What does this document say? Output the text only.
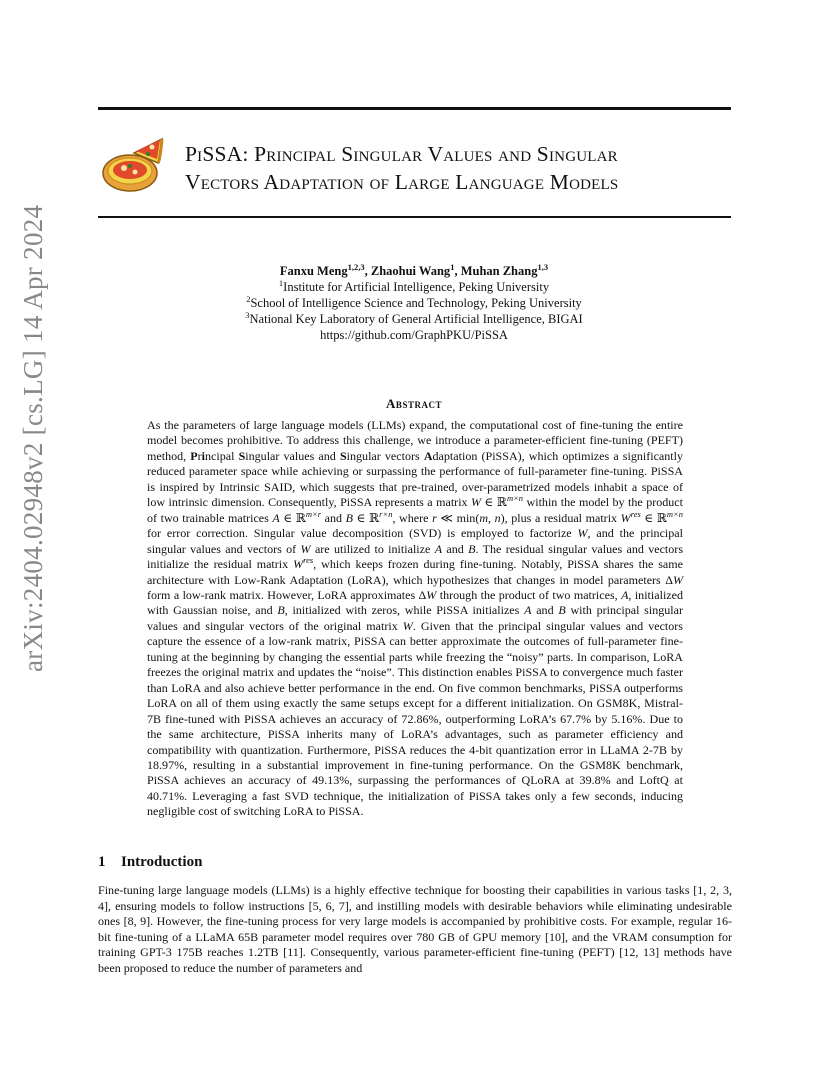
PiSSA: Principal Singular Values and Singular
Vectors Adaptation of Large Language Models
arXiv:2404.02948v2 [cs.LG] 14 Apr 2024	Fanxu Meng$^{1,2,3}$, Zhaohui Wang$^1$, Muhan Zhang$^{1,3}$
$^1$Institute for Artificial Intelligence, Peking University
$^2$School of Intelligence Science and Technology, Peking University
$^3$National Key Laboratory of General Artificial Intelligence, BIGAI
https://github.com/GraphPKU/PiSSA
Abstract
As the parameters of large language models (LLMs) expand, the computational cost of fine-tuning the entire model becomes prohibitive. To address this challenge, we introduce a parameter-efficient fine-tuning (PEFT) method, Principal Singular values and Singular vectors Adaptation (PiSSA), which optimizes a significantly reduced parameter space while achieving or surpassing the performance of full-parameter fine-tuning. PiSSA is inspired by Intrinsic SAID, which suggests that pre-trained, over-parametrized models inhabit a space of low intrinsic dimension. Consequently, PiSSA represents a matrix W ∈ ℝ$^{m\times n}$ within the model by the product of two trainable matrices A ∈ ℝ$^{m\times r}$ and B ∈ ℝ$^{r\times n}$, where r ≪ min(m, n), plus a residual matrix $W^{res}$ ∈ ℝ$^{m\times n}$ for error correction. Singular value decomposition (SVD) is employed to factorize W, and the principal singular values and vectors of W are utilized to initialize A and B. The residual singular values and vectors initialize the residual matrix $W^{res}$, which keeps frozen during fine-tuning. Notably, PiSSA shares the same architecture with Low-Rank Adaptation (LoRA), which hypothesizes that changes in model parameters ΔW form a low-rank matrix. However, LoRA approximates ΔW through the product of two matrices, A, initialized with Gaussian noise, and B, initialized with zeros, while PiSSA initializes A and B with principal singular values and singular vectors of the original matrix W. Given that the principal singular values and vectors capture the essence of a low-rank matrix, PiSSA can better approximate the outcomes of full-parameter fine-tuning at the beginning by changing the essential parts while freezing the “noisy” parts. In comparison, LoRA freezes the original matrix and updates the “noise”. This distinction enables PiSSA to convergence much faster than LoRA and also achieve better performance in the end. On five common benchmarks, PiSSA outperforms LoRA on all of them using exactly the same setups except for a different initialization. On GSM8K, Mistral-7B fine-tuned with PiSSA achieves an accuracy of 72.86%, outperforming LoRA’s 67.7% by 5.16%. Due to the same architecture, PiSSA inherits many of LoRA’s advantages, such as parameter efficiency and compatibility with quantization. Furthermore, PiSSA reduces the 4-bit quantization error in LLaMA 2-7B by 18.97%, resulting in a substantial improvement in fine-tuning performance. On the GSM8K benchmark, PiSSA achieves an accuracy of 49.13%, surpassing the performances of QLoRA at 39.8% and LoftQ at 40.71%. Leveraging a fast SVD technique, the initialization of PiSSA takes only a few seconds, inducing negligible cost of switching LoRA to PiSSA.
1 Introduction
Fine-tuning large language models (LLMs) is a highly effective technique for boosting their capabilities in various tasks [1, 2, 3, 4], ensuring models to follow instructions [5, 6, 7], and instilling models with desirable behaviors while eliminating undesirable ones [8, 9]. However, the fine-tuning process for very large models is accompanied by prohibitive costs. For example, regular 16-bit fine-tuning of a LLaMA 65B parameter model requires over 780 GB of GPU memory [10], and the VRAM consumption for training GPT-3 175B reaches 1.2TB [11]. Consequently, various parameter-efficient fine-tuning (PEFT) [12, 13] methods have been proposed to reduce the number of parameters and
